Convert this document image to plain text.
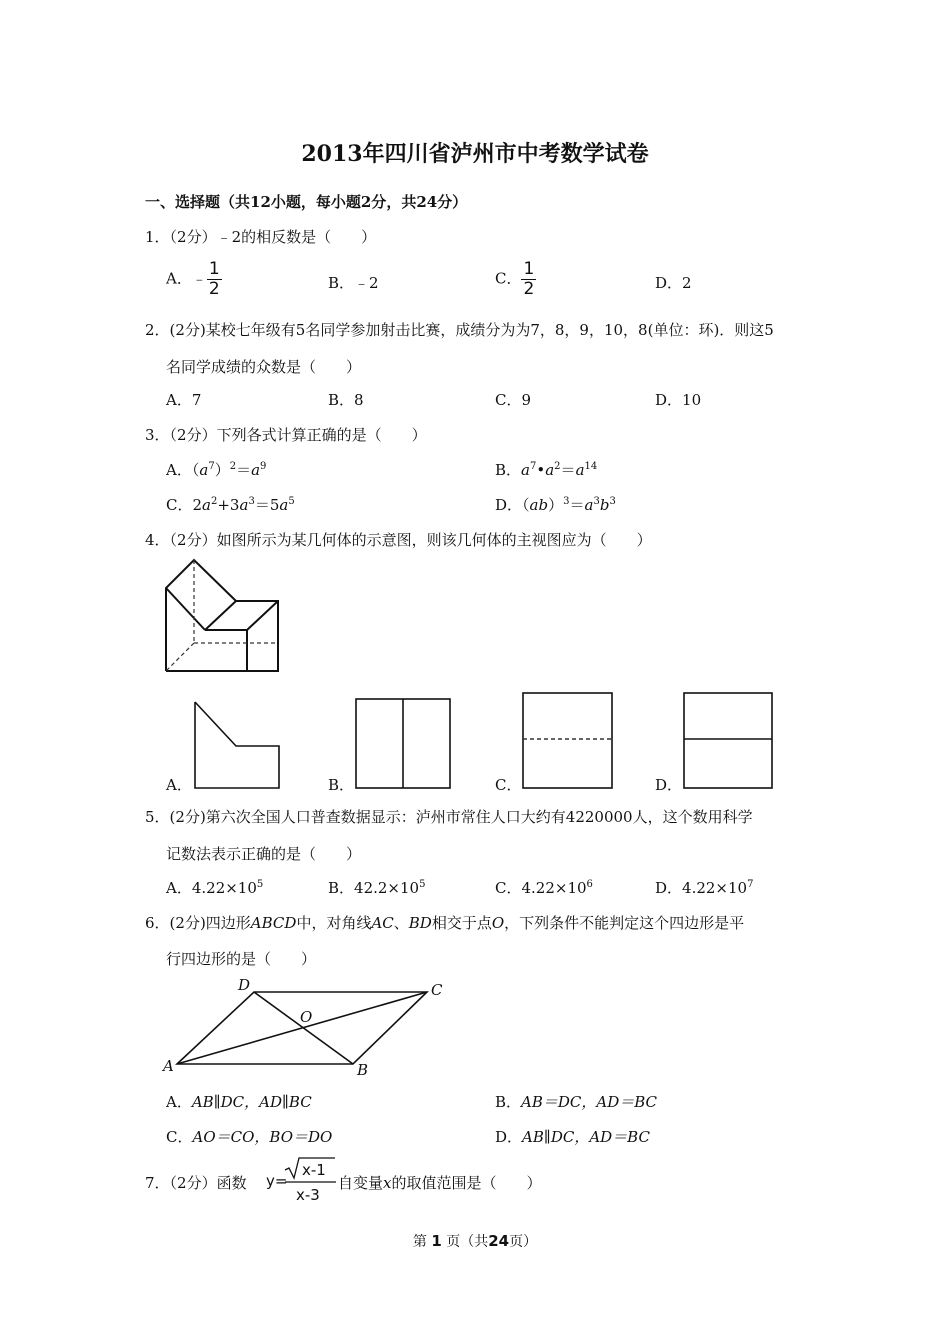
2013年四川省泸州市中考数学试卷
一、选择题（共12小题，每小题2分，共24分）
1．（2分）﹣2的相反数是（　　）
A．﹣ $\frac{1}{2}$	B．﹣2	C． $\frac{1}{2}$	D．2
2．(2分)某校七年级有5名同学参加射击比赛，成绩分为为7，8，9，10，8(单位：环)．则这5
名同学成绩的众数是（　　）
A．7	B．8	C．9	D．10
3．（2分）下列各式计算正确的是（　　）
A．$(a^7)^2=a^9$	B．$a^7•a^2=a^{14}$
C．$2a^2+3a^3=5a^5$	D．$(ab)^3=a^3b^3$
4．（2分）如图所示为某几何体的示意图，则该几何体的主视图应为（　　）
A．	B．	C．	D．
5．(2分)第六次全国人口普查数据显示：泸州市常住人口大约有4220000人，这个数用科学
记数法表示正确的是（　　）
A．$4.22\times 10^5$	B．$42.2\times 10^5$	C．$4.22\times 10^6$	D．$4.22\times 10^7$
6．(2分)四边形ABCD中，对角线AC、BD相交于点O，下列条件不能判定这个四边形是平
行四边形的是（　　）
D	C
O
A	B
A．AB∥DC，AD∥BC	B．AB＝DC，AD＝BC
C．AO＝CO，BO＝DO	D．AB∥DC，AD＝BC
7．（2分）函数 y=
x-1
x-3
自变量x的取值范围是（　　）
第 1 页（共24页）
